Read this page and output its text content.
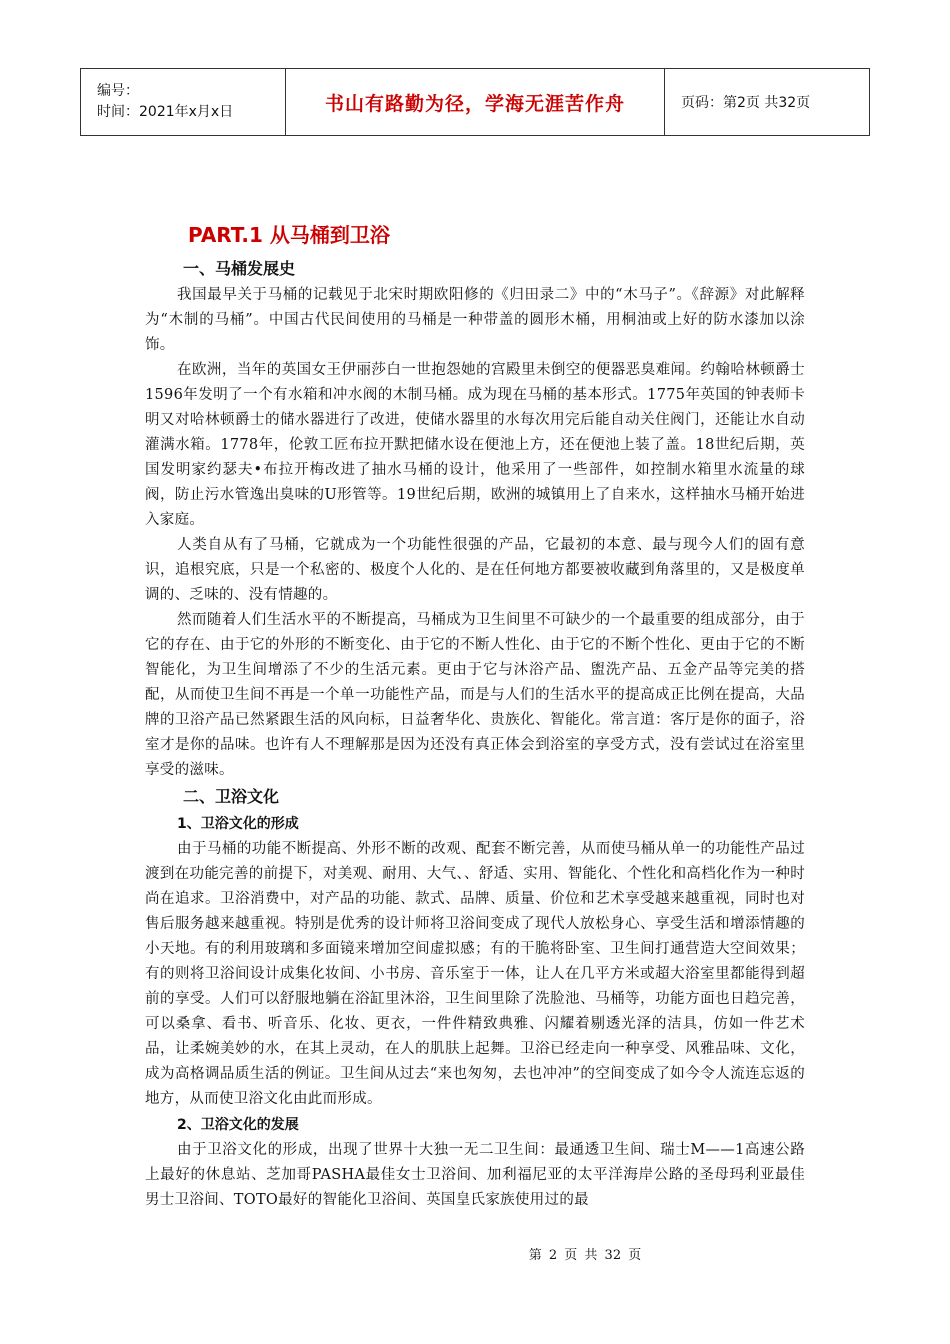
编号：
时间：2021年x月x日	书山有路勤为径，学海无涯苦作舟	页码：第2页 共32页
PART.1 从马桶到卫浴
一、马桶发展史

我国最早关于马桶的记载见于北宋时期欧阳修的《归田录二》中的“木马子”。《辞源》对此解释为“木制的马桶”。中国古代民间使用的马桶是一种带盖的圆形木桶，用桐油或上好的防水漆加以涂饰。

在欧洲，当年的英国女王伊丽莎白一世抱怨她的宫殿里未倒空的便器恶臭难闻。约翰哈林顿爵士1596年发明了一个有水箱和冲水阀的木制马桶。成为现在马桶的基本形式。1775年英国的钟表师卡明又对哈林顿爵士的储水器进行了改进，使储水器里的水每次用完后能自动关住阀门，还能让水自动灌满水箱。1778年，伦敦工匠布拉开默把储水设在便池上方，还在便池上装了盖。18世纪后期，英国发明家约瑟夫•布拉开梅改进了抽水马桶的设计，他采用了一些部件，如控制水箱里水流量的球阀，防止污水管逸出臭味的U形管等。19世纪后期，欧洲的城镇用上了自来水，这样抽水马桶开始进入家庭。

人类自从有了马桶，它就成为一个功能性很强的产品，它最初的本意、最与现今人们的固有意识，追根究底，只是一个私密的、极度个人化的、是在任何地方都要被收藏到角落里的，又是极度单调的、乏味的、没有情趣的。

然而随着人们生活水平的不断提高，马桶成为卫生间里不可缺少的一个最重要的组成部分，由于它的存在、由于它的外形的不断变化、由于它的不断人性化、由于它的不断个性化、更由于它的不断智能化，为卫生间增添了不少的生活元素。更由于它与沐浴产品、盥洗产品、五金产品等完美的搭配，从而使卫生间不再是一个单一功能性产品，而是与人们的生活水平的提高成正比例在提高，大品牌的卫浴产品已然紧跟生活的风向标，日益奢华化、贵族化、智能化。常言道：客厅是你的面子，浴室才是你的品味。也许有人不理解那是因为还没有真正体会到浴室的享受方式，没有尝试过在浴室里享受的滋味。

二、卫浴文化
1、卫浴文化的形成

由于马桶的功能不断提高、外形不断的改观、配套不断完善，从而使马桶从单一的功能性产品过渡到在功能完善的前提下，对美观、耐用、大气、、舒适、实用、智能化、个性化和高档化作为一种时尚在追求。卫浴消费中，对产品的功能、款式、品牌、质量、价位和艺术享受越来越重视，同时也对售后服务越来越重视。特别是优秀的设计师将卫浴间变成了现代人放松身心、享受生活和增添情趣的小天地。有的利用玻璃和多面镜来增加空间虚拟感；有的干脆将卧室、卫生间打通营造大空间效果；有的则将卫浴间设计成集化妆间、小书房、音乐室于一体，让人在几平方米或超大浴室里都能得到超前的享受。人们可以舒服地躺在浴缸里沐浴，卫生间里除了洗脸池、马桶等，功能方面也日趋完善，可以桑拿、看书、听音乐、化妆、更衣，一件件精致典雅、闪耀着剔透光泽的洁具，仿如一件艺术品，让柔婉美妙的水，在其上灵动，在人的肌肤上起舞。卫浴已经走向一种享受、风雅品味、文化，成为高格调品质生活的例证。卫生间从过去“来也匆匆，去也冲冲”的空间变成了如今令人流连忘返的地方，从而使卫浴文化由此而形成。

2、卫浴文化的发展

由于卫浴文化的形成，出现了世界十大独一无二卫生间：最通透卫生间、瑞士M——1高速公路上最好的休息站、芝加哥PASHA最佳女士卫浴间、加利福尼亚的太平洋海岸公路的圣母玛利亚最佳男士卫浴间、TOTO最好的智能化卫浴间、英国皇氏家族使用过的最

第 2 页 共 32 页
